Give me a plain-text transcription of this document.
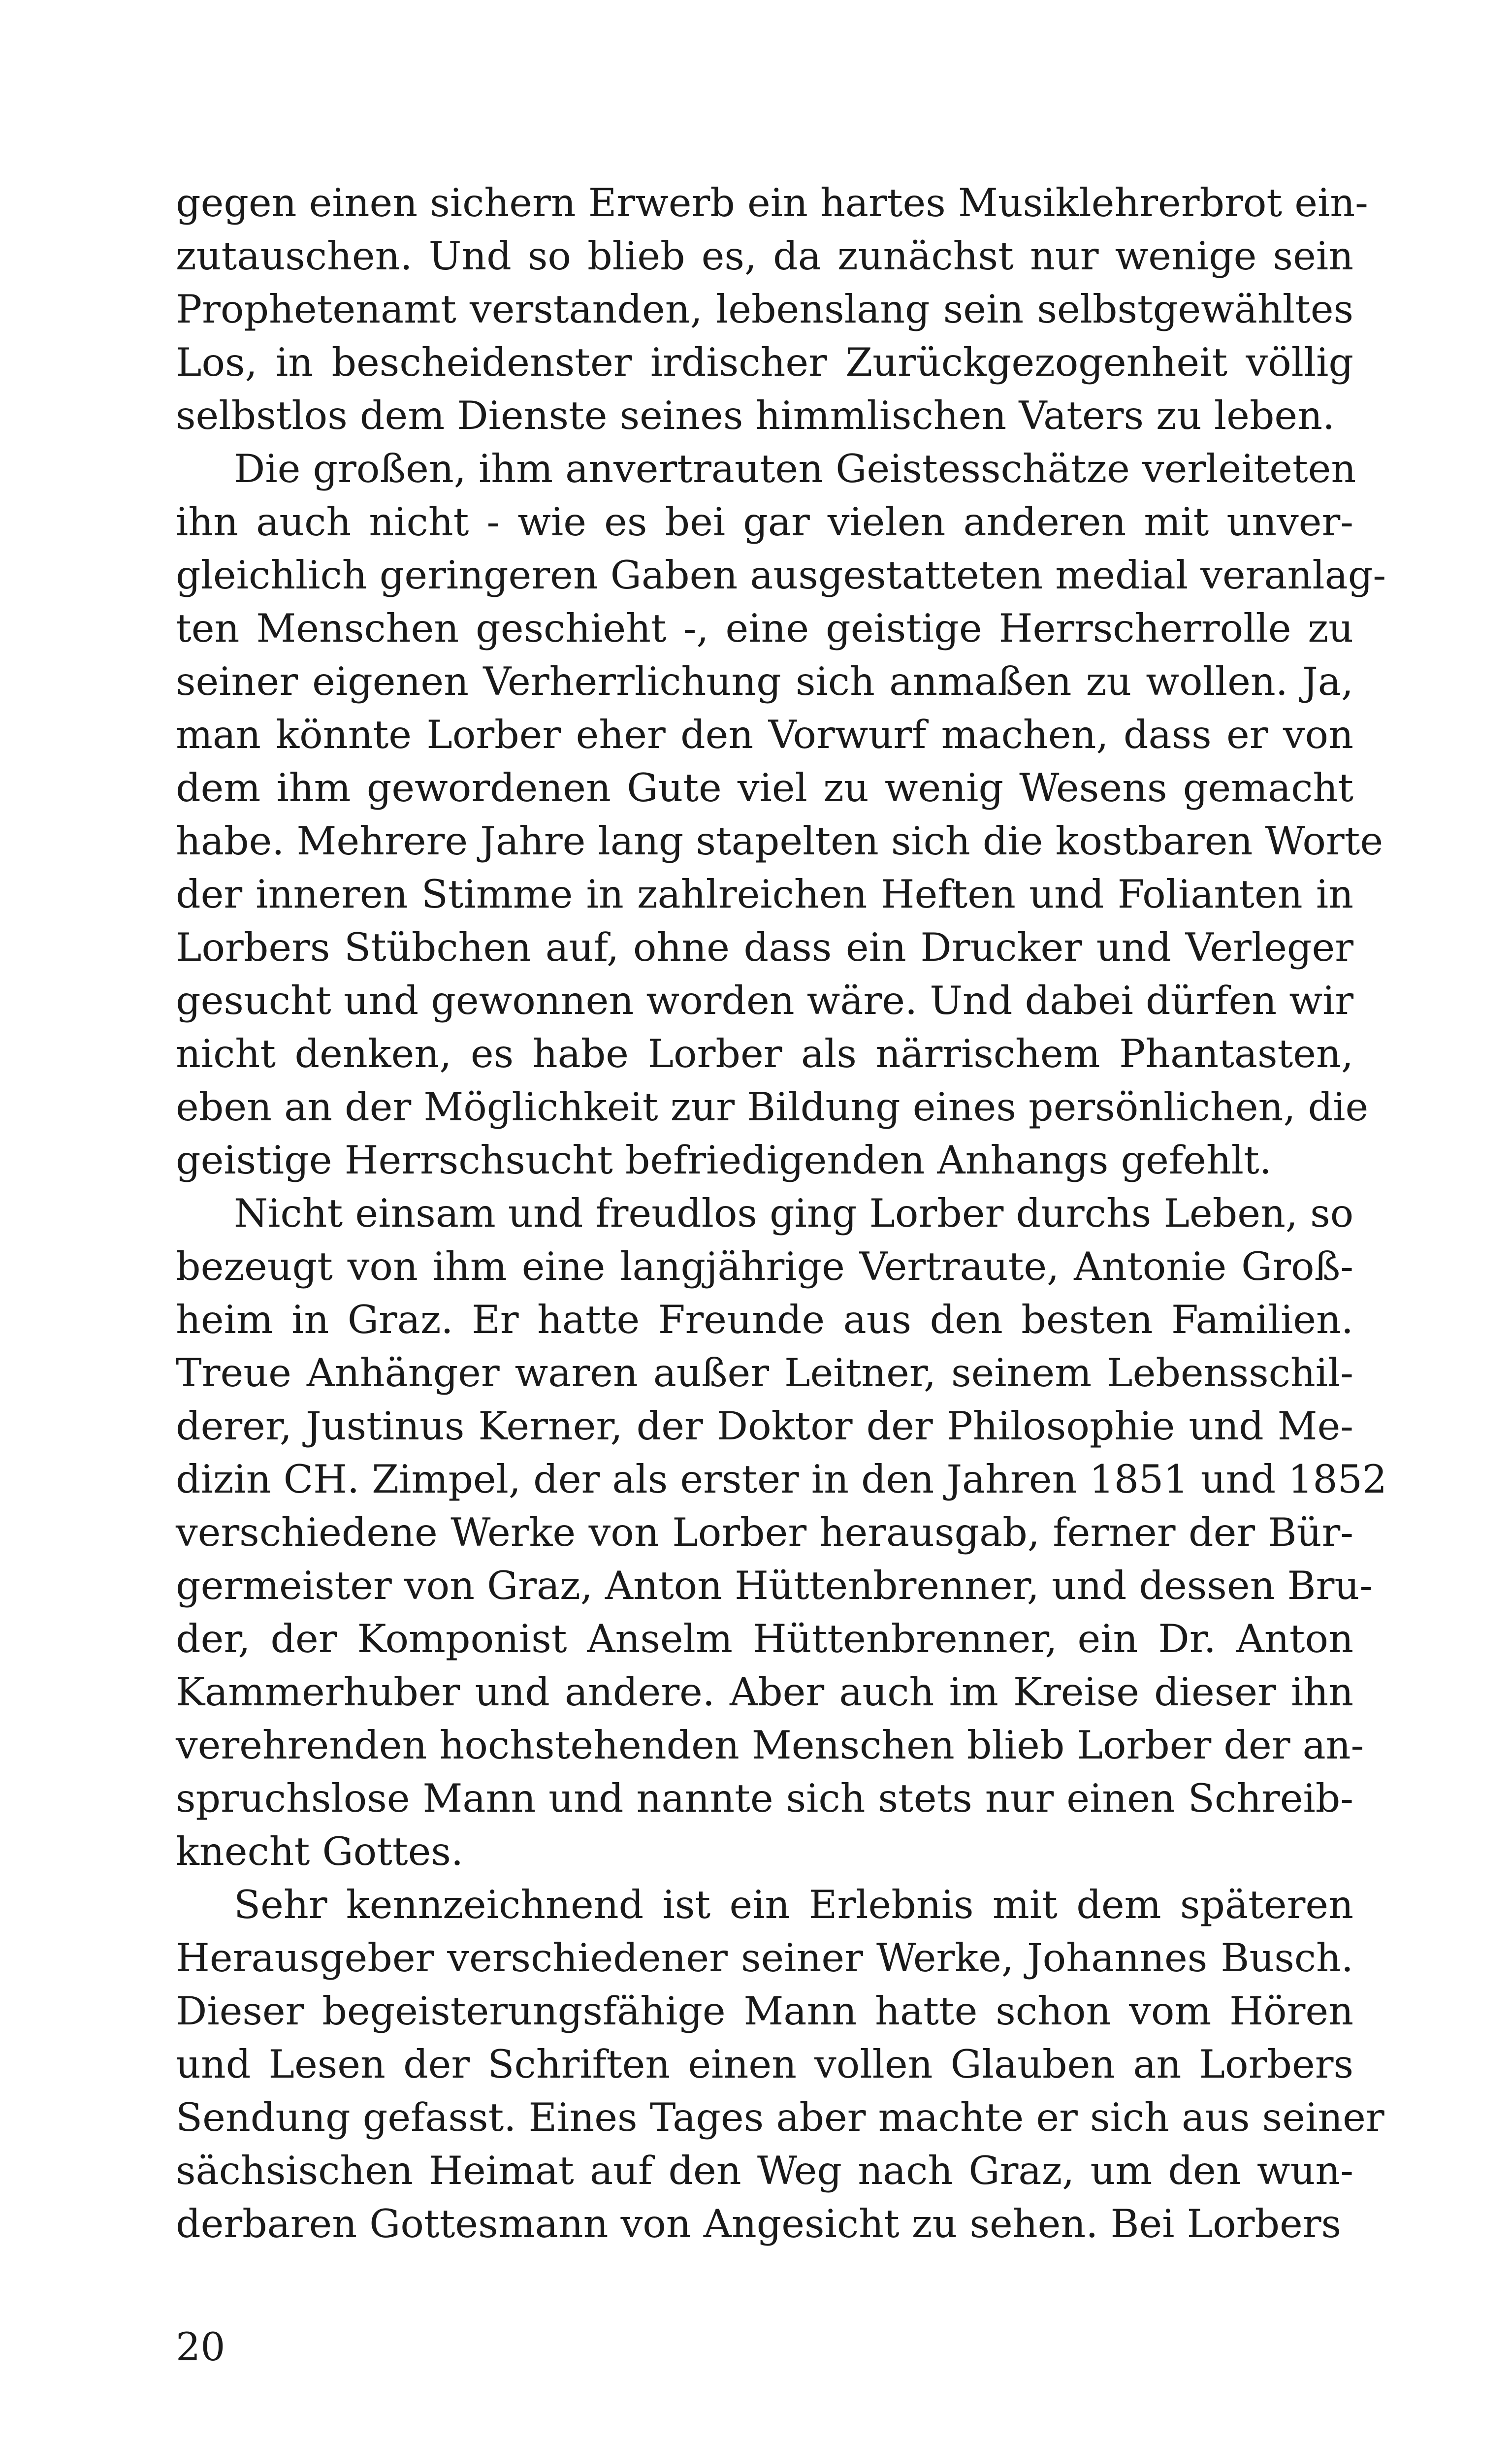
gegen einen sichern Erwerb ein hartes Musiklehrerbrot ein-
zutauschen. Und so blieb es, da zunächst nur wenige sein
Prophetenamt verstanden, lebenslang sein selbstgewähltes
Los, in bescheidenster irdischer Zurückgezogenheit völlig
selbstlos dem Dienste seines himmlischen Vaters zu leben.
Die großen, ihm anvertrauten Geistesschätze verleiteten
ihn auch nicht - wie es bei gar vielen anderen mit unver-
gleichlich geringeren Gaben ausgestatteten medial veranlag-
ten Menschen geschieht -, eine geistige Herrscherrolle zu
seiner eigenen Verherrlichung sich anmaßen zu wollen. Ja,
man könnte Lorber eher den Vorwurf machen, dass er von
dem ihm gewordenen Gute viel zu wenig Wesens gemacht
habe. Mehrere Jahre lang stapelten sich die kostbaren Worte
der inneren Stimme in zahlreichen Heften und Folianten in
Lorbers Stübchen auf, ohne dass ein Drucker und Verleger
gesucht und gewonnen worden wäre. Und dabei dürfen wir
nicht denken, es habe Lorber als närrischem Phantasten,
eben an der Möglichkeit zur Bildung eines persönlichen, die
geistige Herrschsucht befriedigenden Anhangs gefehlt.
Nicht einsam und freudlos ging Lorber durchs Leben, so
bezeugt von ihm eine langjährige Vertraute, Antonie Groß-
heim in Graz. Er hatte Freunde aus den besten Familien.
Treue Anhänger waren außer Leitner, seinem Lebensschil-
derer, Justinus Kerner, der Doktor der Philosophie und Me-
dizin CH. Zimpel, der als erster in den Jahren 1851 und 1852
verschiedene Werke von Lorber herausgab, ferner der Bür-
germeister von Graz, Anton Hüttenbrenner, und dessen Bru-
der, der Komponist Anselm Hüttenbrenner, ein Dr. Anton
Kammerhuber und andere. Aber auch im Kreise dieser ihn
verehrenden hochstehenden Menschen blieb Lorber der an-
spruchslose Mann und nannte sich stets nur einen Schreib-
knecht Gottes.
Sehr kennzeichnend ist ein Erlebnis mit dem späteren
Herausgeber verschiedener seiner Werke, Johannes Busch.
Dieser begeisterungsfähige Mann hatte schon vom Hören
und Lesen der Schriften einen vollen Glauben an Lorbers
Sendung gefasst. Eines Tages aber machte er sich aus seiner
sächsischen Heimat auf den Weg nach Graz, um den wun-
derbaren Gottesmann von Angesicht zu sehen. Bei Lorbers
20
